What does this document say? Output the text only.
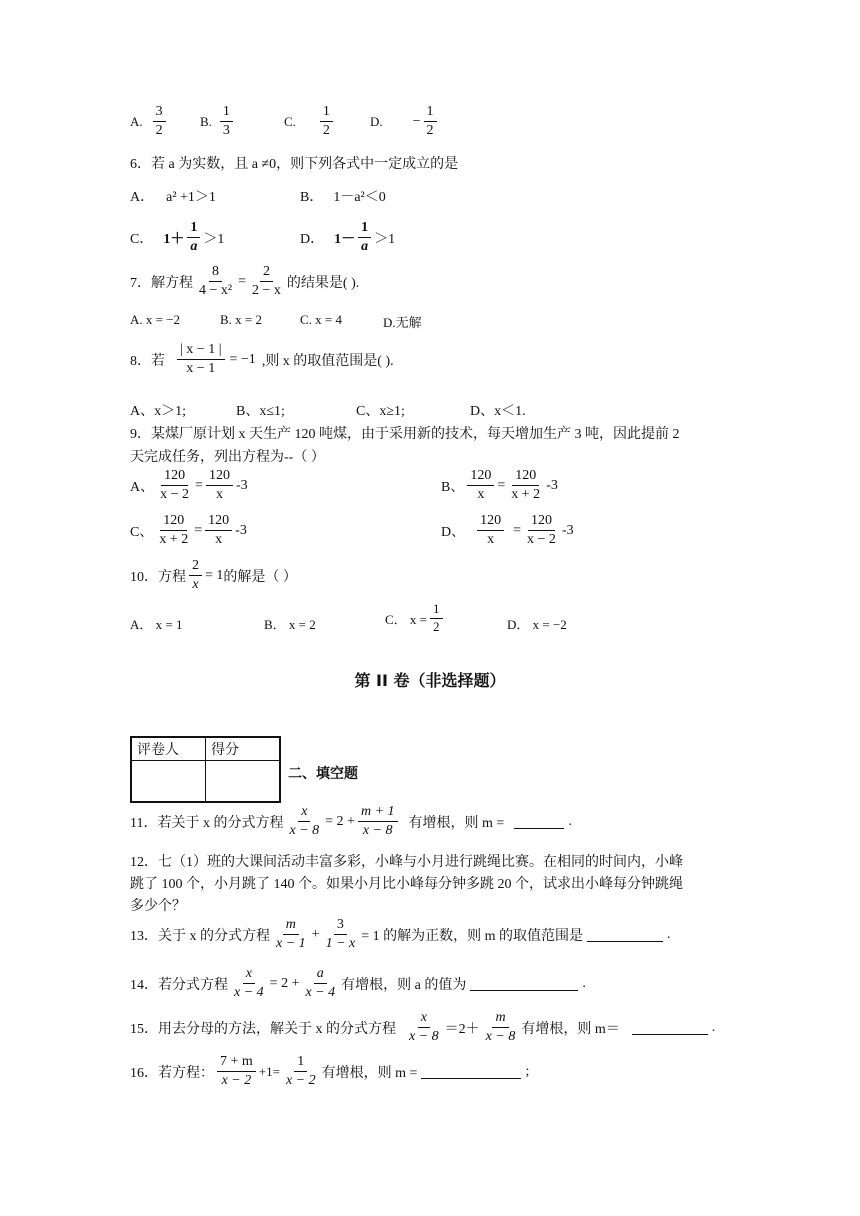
A. $\frac{3}{2}$	B. $\frac{1}{3}$	C. $\frac{1}{2}$	D. − $\frac{1}{2}$
6．若 a 为实数，且 a ≠0，则下列各式中一定成立的是
A． a² +1＞1	B． 1－a²＜0
C． $1+ \frac{1}{a} >1$	D． $1- \frac{1}{a} >1$
7．解方程 $\frac{8}{\text{4 − x²}} = \frac{2}{2 - x}$ 的结果是( ).
A. x = −2	B. x = 2	C. x = 4	D.无解
8．若 $\frac{| x - 1 |}{x - 1} = -1$ ,则 x 的取值范围是( ).
A、x＞1;	B、x≤1;	C、x≥1;	D、x＜1.
9．某煤厂原计划 x 天生产 120 吨煤，由于采用新的技术，每天增加生产 3 吨，因此提前 2
天完成任务，列出方程为--（ ）
A、 $\frac{120}{x - 2} = \frac{120}{x} -3$	B、 $\frac{120}{x} = \frac{120}{x + 2} -3$
C、 $\frac{120}{x + 2} = \frac{120}{x} -3$	D、 $\frac{120}{x} = \frac{120}{x - 2} -3$
10．方程 $\frac{2}{x} = 1$ 的解是（ ）
A． x = 1	B． x = 2	C． $x = \frac{1}{2}$	D． x = −2
第 II 卷（非选择题）
评卷人	得分

二、填空题
11．若关于 x 的分式方程 $\frac{x}{x - 8} = 2 + \frac{m + 1}{x - 8}$ 有增根，则 m =	.
12．七（1）班的大课间活动丰富多彩，小峰与小月进行跳绳比赛。在相同的时间内，小峰
跳了 100 个，小月跳了 140 个。如果小月比小峰每分钟多跳 20 个，试求出小峰每分钟跳绳
多少个？
13．关于 x 的分式方程 $\frac{m}{x - 1} + \frac{3}{1 - x} = 1$ 的解为正数，则 m 的取值范围是	.
14．若分式方程 $\frac{x}{x - 4} = 2 + \frac{a}{x - 4}$ 有增根，则 a 的值为	.
15．用去分母的方法，解关于 x 的分式方程 $\frac{x}{x - 8} =2+ \frac{m}{x - 8}$ 有增根，则 m＝	.
16．若方程： $\frac{7 + m}{x - 2} +1= \frac{1}{x - 2}$ 有增根，则 m =	;
